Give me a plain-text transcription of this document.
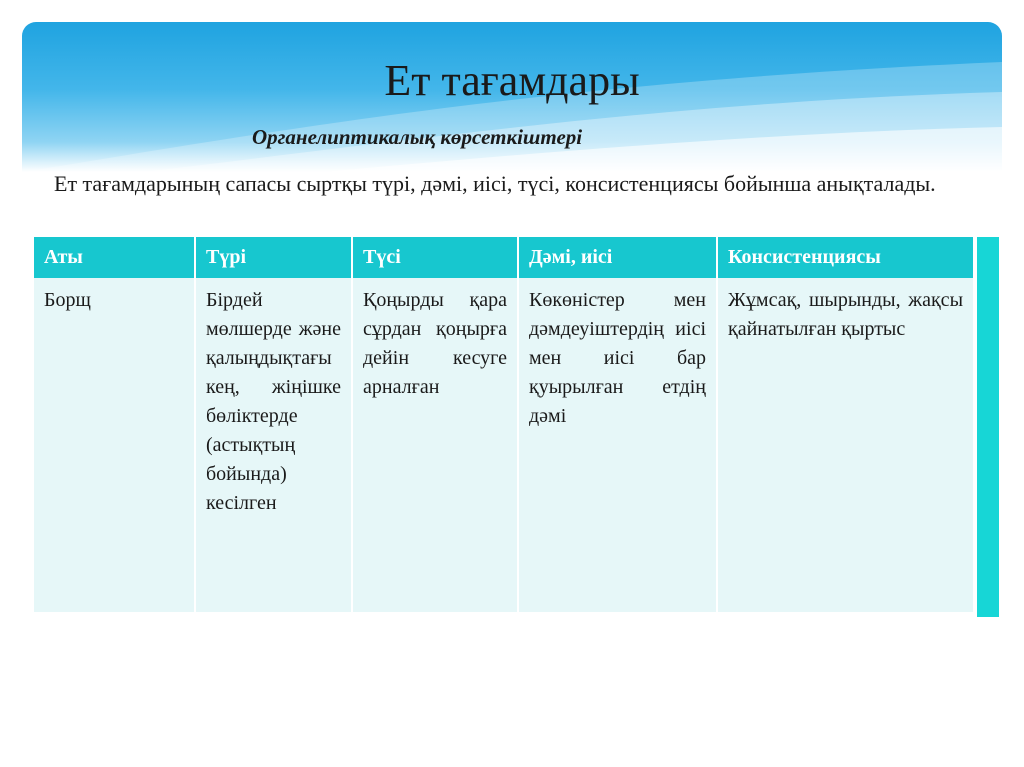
Ет тағамдары
Органелиптикалық көрсеткіштері
Ет тағамдарының сапасы сыртқы түрі, дәмі, иісі, түсі, консистенциясы бойынша анықталады.
Аты	Түрі	Түсі	Дәмі, иісі	Консистенциясы
Борщ	Бірдей мөлшерде және қалыңдықтағы кең, жіңішке бөліктерде (астықтың бойында) кесілген	Қоңырды қара сұрдан қоңырға дейін кесуге арналған	Көкөністер мен дәмдеуіштердің иісі мен иісі бар қуырылған етдің дәмі	Жұмсақ, шырынды, жақсы қайнатылған қыртыс
